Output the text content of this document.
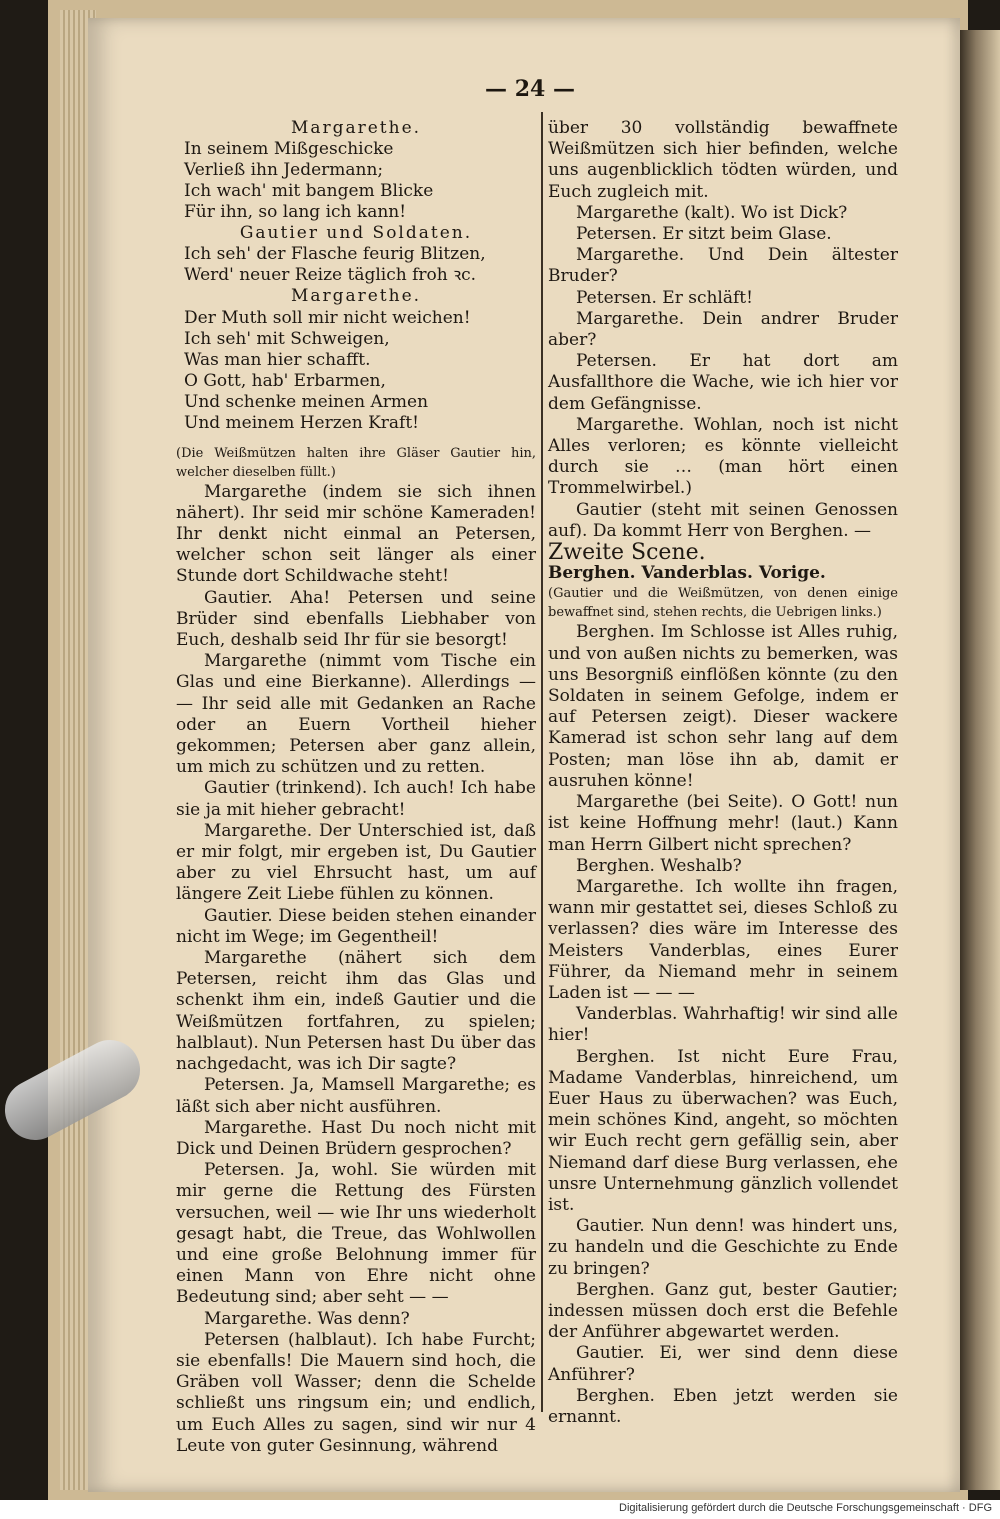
— 24 —

Margarethe.

In seinem Mißgeschicke
Verließ ihn Jedermann;
Ich wach' mit bangem Blicke
Für ihn, so lang ich kann!

Gautier und Soldaten.

Ich seh' der Flasche feurig Blitzen,
Werd' neuer Reize täglich froh ꝛc.

Margarethe.

Der Muth soll mir nicht weichen!
Ich seh' mit Schweigen,
Was man hier schafft.
O Gott, hab' Erbarmen,
Und schenke meinen Armen
Und meinem Herzen Kraft!

(Die Weißmützen halten ihre Gläser Gautier hin, welcher dieselben füllt.)

Margarethe (indem sie sich ihnen nähert). Ihr seid mir schöne Kameraden! Ihr denkt nicht einmal an Petersen, welcher schon seit länger als einer Stunde dort Schildwache steht!

Gautier. Aha! Petersen und seine Brüder sind ebenfalls Liebhaber von Euch, deshalb seid Ihr für sie besorgt!

Margarethe (nimmt vom Tische ein Glas und eine Bierkanne). Allerdings — — Ihr seid alle mit Gedanken an Rache oder an Euern Vortheil hieher gekommen; Petersen aber ganz allein, um mich zu schützen und zu retten.

Gautier (trinkend). Ich auch! Ich habe sie ja mit hieher gebracht!

Margarethe. Der Unterschied ist, daß er mir folgt, mir ergeben ist, Du Gautier aber zu viel Ehrsucht hast, um auf längere Zeit Liebe fühlen zu können.

Gautier. Diese beiden stehen einander nicht im Wege; im Gegentheil!

Margarethe (nähert sich dem Petersen, reicht ihm das Glas und schenkt ihm ein, indeß Gautier und die Weißmützen fortfahren, zu spielen; halblaut). Nun Petersen hast Du über das nachgedacht, was ich Dir sagte?

Petersen. Ja, Mamsell Margarethe; es läßt sich aber nicht ausführen.

Margarethe. Hast Du noch nicht mit Dick und Deinen Brüdern gesprochen?

Petersen. Ja, wohl. Sie würden mit mir gerne die Rettung des Fürsten versuchen, weil — wie Ihr uns wiederholt gesagt habt, die Treue, das Wohlwollen und eine große Belohnung immer für einen Mann von Ehre nicht ohne Bedeutung sind; aber seht — —

Margarethe. Was denn?

Petersen (halblaut). Ich habe Furcht; sie ebenfalls! Die Mauern sind hoch, die Gräben voll Wasser; denn die Schelde schließt uns ringsum ein; und endlich, um Euch Alles zu sagen, sind wir nur 4 Leute von guter Gesinnung, während

über 30 vollständig bewaffnete Weißmützen sich hier befinden, welche uns augenblicklich tödten würden, und Euch zugleich mit.

Margarethe (kalt). Wo ist Dick?

Petersen. Er sitzt beim Glase.

Margarethe. Und Dein ältester Bruder?

Petersen. Er schläft!

Margarethe. Dein andrer Bruder aber?

Petersen. Er hat dort am Ausfallthore die Wache, wie ich hier vor dem Gefängnisse.

Margarethe. Wohlan, noch ist nicht Alles verloren; es könnte vielleicht durch sie … (man hört einen Trommelwirbel.)

Gautier (steht mit seinen Genossen auf). Da kommt Herr von Berghen. —

Zweite Scene.

Berghen. Vanderblas. Vorige.

(Gautier und die Weißmützen, von denen einige bewaffnet sind, stehen rechts, die Uebrigen links.)

Berghen. Im Schlosse ist Alles ruhig, und von außen nichts zu bemerken, was uns Besorgniß einflößen könnte (zu den Soldaten in seinem Gefolge, indem er auf Petersen zeigt). Dieser wackere Kamerad ist schon sehr lang auf dem Posten; man löse ihn ab, damit er ausruhen könne!

Margarethe (bei Seite). O Gott! nun ist keine Hoffnung mehr! (laut.) Kann man Herrn Gilbert nicht sprechen?

Berghen. Weshalb?

Margarethe. Ich wollte ihn fragen, wann mir gestattet sei, dieses Schloß zu verlassen? dies wäre im Interesse des Meisters Vanderblas, eines Eurer Führer, da Niemand mehr in seinem Laden ist — — —

Vanderblas. Wahrhaftig! wir sind alle hier!

Berghen. Ist nicht Eure Frau, Madame Vanderblas, hinreichend, um Euer Haus zu überwachen? was Euch, mein schönes Kind, angeht, so möchten wir Euch recht gern gefällig sein, aber Niemand darf diese Burg verlassen, ehe unsre Unternehmung gänzlich vollendet ist.

Gautier. Nun denn! was hindert uns, zu handeln und die Geschichte zu Ende zu bringen?

Berghen. Ganz gut, bester Gautier; indessen müssen doch erst die Befehle der Anführer abgewartet werden.

Gautier. Ei, wer sind denn diese Anführer?

Berghen. Eben jetzt werden sie ernannt.

Digitalisierung gefördert durch die Deutsche Forschungsgemeinschaft · DFG
